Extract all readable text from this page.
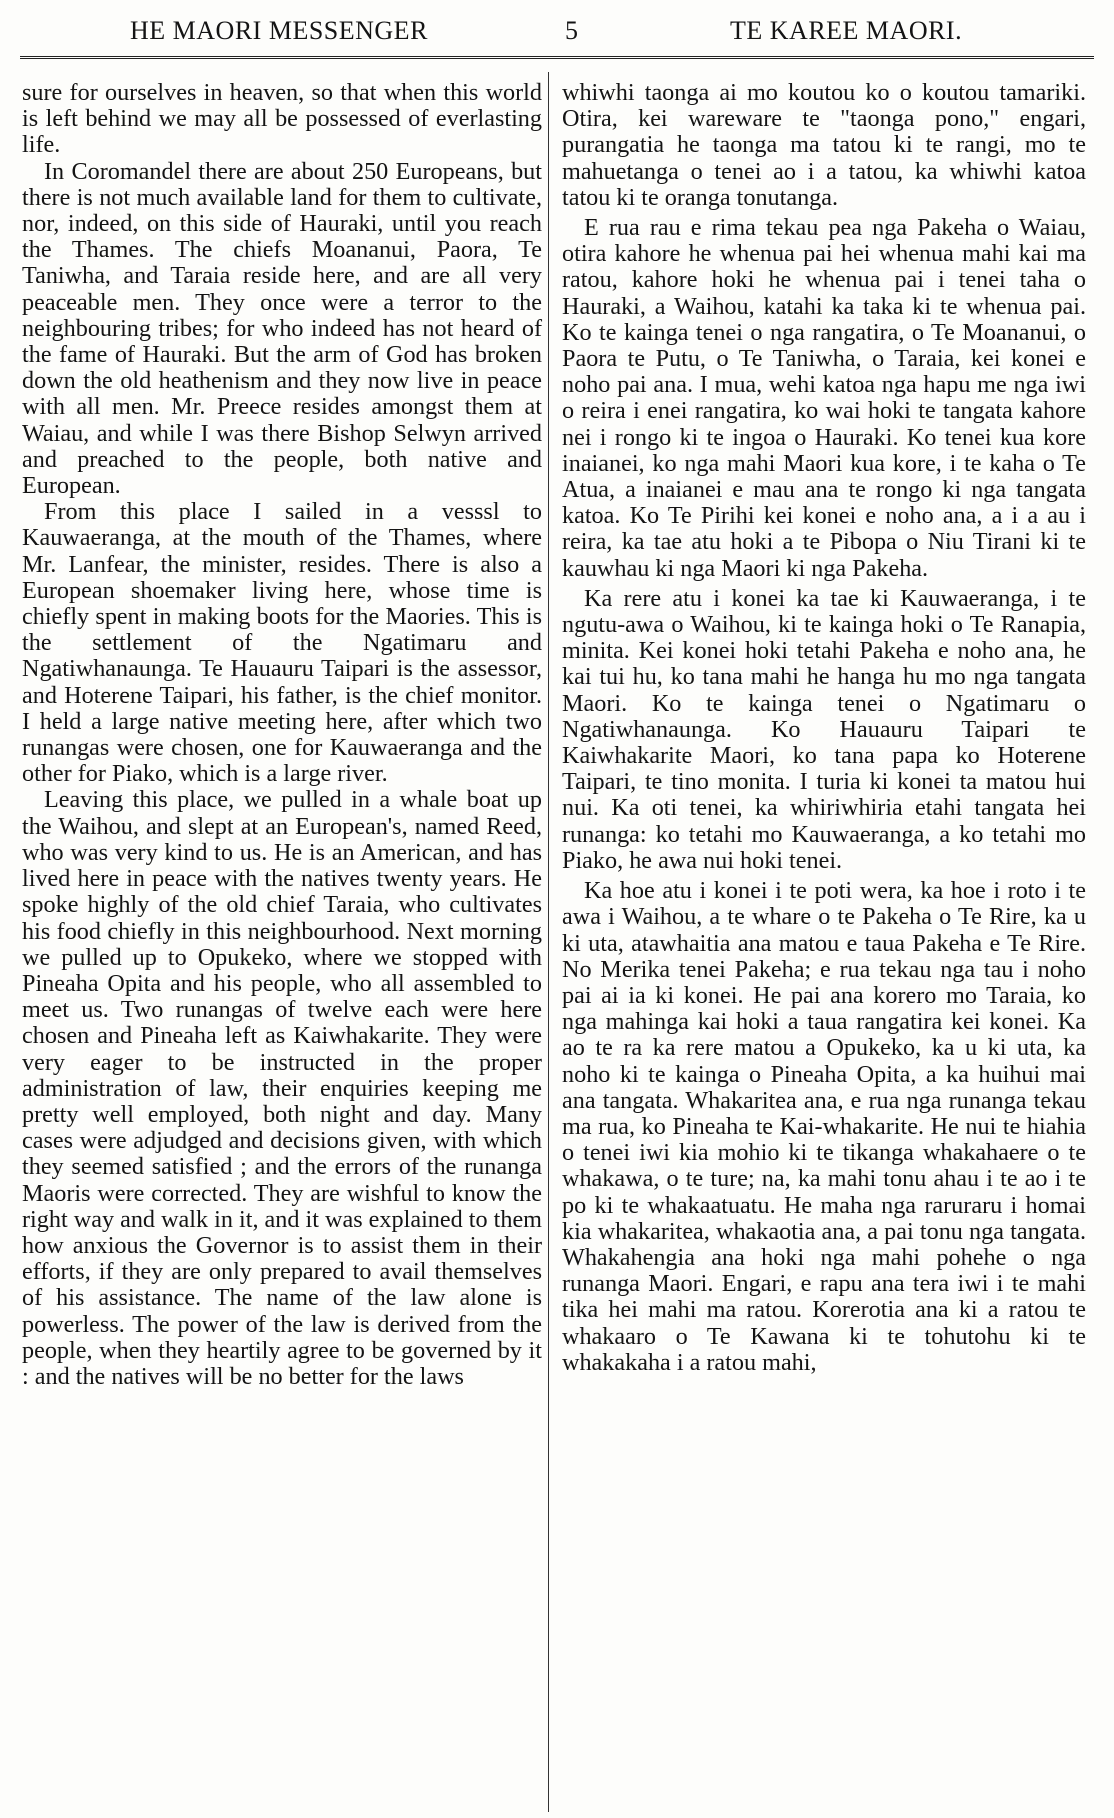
HE MAORI MESSENGER	5	TE KAREE MAORI.

sure for ourselves in heaven, so that when this world is left behind we may all be possessed of everlasting life.

In Coromandel there are about 250 Europeans, but there is not much available land for them to cultivate, nor, indeed, on this side of Hauraki, until you reach the Thames. The chiefs Moananui, Paora, Te Taniwha, and Taraia reside here, and are all very peaceable men. They once were a terror to the neighbouring tribes; for who indeed has not heard of the fame of Hauraki. But the arm of God has broken down the old heathenism and they now live in peace with all men. Mr. Preece resides amongst them at Waiau, and while I was there Bishop Selwyn arrived and preached to the people, both native and European.

From this place I sailed in a vesssl to Kauwaeranga, at the mouth of the Thames, where Mr. Lanfear, the minister, resides. There is also a European shoemaker living here, whose time is chiefly spent in making boots for the Maories. This is the settlement of the Ngatimaru and Ngatiwhanaunga. Te Hauauru Taipari is the assessor, and Hoterene Taipari, his father, is the chief monitor. I held a large native meeting here, after which two runangas were chosen, one for Kauwaeranga and the other for Piako, which is a large river.

Leaving this place, we pulled in a whale boat up the Waihou, and slept at an European's, named Reed, who was very kind to us. He is an American, and has lived here in peace with the natives twenty years. He spoke highly of the old chief Taraia, who cultivates his food chiefly in this neighbourhood. Next morning we pulled up to Opukeko, where we stopped with Pineaha Opita and his people, who all assembled to meet us. Two runangas of twelve each were here chosen and Pineaha left as Kaiwhakarite. They were very eager to be instructed in the proper administration of law, their enquiries keeping me pretty well employed, both night and day. Many cases were adjudged and decisions given, with which they seemed satisfied ; and the errors of the runanga Maoris were corrected. They are wishful to know the right way and walk in it, and it was explained to them how anxious the Governor is to assist them in their efforts, if they are only prepared to avail themselves of his assistance. The name of the law alone is powerless. The power of the law is derived from the people, when they heartily agree to be governed by it : and the natives will be no better for the laws

whiwhi taonga ai mo koutou ko o koutou tamariki. Otira, kei wareware te "taonga pono," engari, purangatia he taonga ma tatou ki te rangi, mo te mahuetanga o tenei ao i a tatou, ka whiwhi katoa tatou ki te oranga tonutanga.

E rua rau e rima tekau pea nga Pakeha o Waiau, otira kahore he whenua pai hei whenua mahi kai ma ratou, kahore hoki he whenua pai i tenei taha o Hauraki, a Waihou, katahi ka taka ki te whenua pai. Ko te kainga tenei o nga rangatira, o Te Moananui, o Paora te Putu, o Te Taniwha, o Taraia, kei konei e noho pai ana. I mua, wehi katoa nga hapu me nga iwi o reira i enei rangatira, ko wai hoki te tangata kahore nei i rongo ki te ingoa o Hauraki. Ko tenei kua kore inaianei, ko nga mahi Maori kua kore, i te kaha o Te Atua, a inaianei e mau ana te rongo ki nga tangata katoa. Ko Te Pirihi kei konei e noho ana, a i a au i reira, ka tae atu hoki a te Pibopa o Niu Tirani ki te kauwhau ki nga Maori ki nga Pakeha.

Ka rere atu i konei ka tae ki Kauwaeranga, i te ngutu-awa o Waihou, ki te kainga hoki o Te Ranapia, minita. Kei konei hoki tetahi Pakeha e noho ana, he kai tui hu, ko tana mahi he hanga hu mo nga tangata Maori. Ko te kainga tenei o Ngatimaru o Ngatiwhanaunga. Ko Hauauru Taipari te Kaiwhakarite Maori, ko tana papa ko Hoterene Taipari, te tino monita. I turia ki konei ta matou hui nui. Ka oti tenei, ka whiriwhiria etahi tangata hei runanga: ko tetahi mo Kauwaeranga, a ko tetahi mo Piako, he awa nui hoki tenei.

Ka hoe atu i konei i te poti wera, ka hoe i roto i te awa i Waihou, a te whare o te Pakeha o Te Rire, ka u ki uta, atawhaitia ana matou e taua Pakeha e Te Rire. No Merika tenei Pakeha; e rua tekau nga tau i noho pai ai ia ki konei. He pai ana korero mo Taraia, ko nga mahinga kai hoki a taua rangatira kei konei. Ka ao te ra ka rere matou a Opukeko, ka u ki uta, ka noho ki te kainga o Pineaha Opita, a ka huihui mai ana tangata. Whakaritea ana, e rua nga runanga tekau ma rua, ko Pineaha te Kai-whakarite. He nui te hiahia o tenei iwi kia mohio ki te tikanga whakahaere o te whakawa, o te ture; na, ka mahi tonu ahau i te ao i te po ki te whakaatuatu. He maha nga raruraru i homai kia whakaritea, whakaotia ana, a pai tonu nga tangata. Whakahengia ana hoki nga mahi pohehe o nga runanga Maori. Engari, e rapu ana tera iwi i te mahi tika hei mahi ma ratou. Korerotia ana ki a ratou te whakaaro o Te Kawana ki te tohutohu ki te whakakaha i a ratou mahi,
